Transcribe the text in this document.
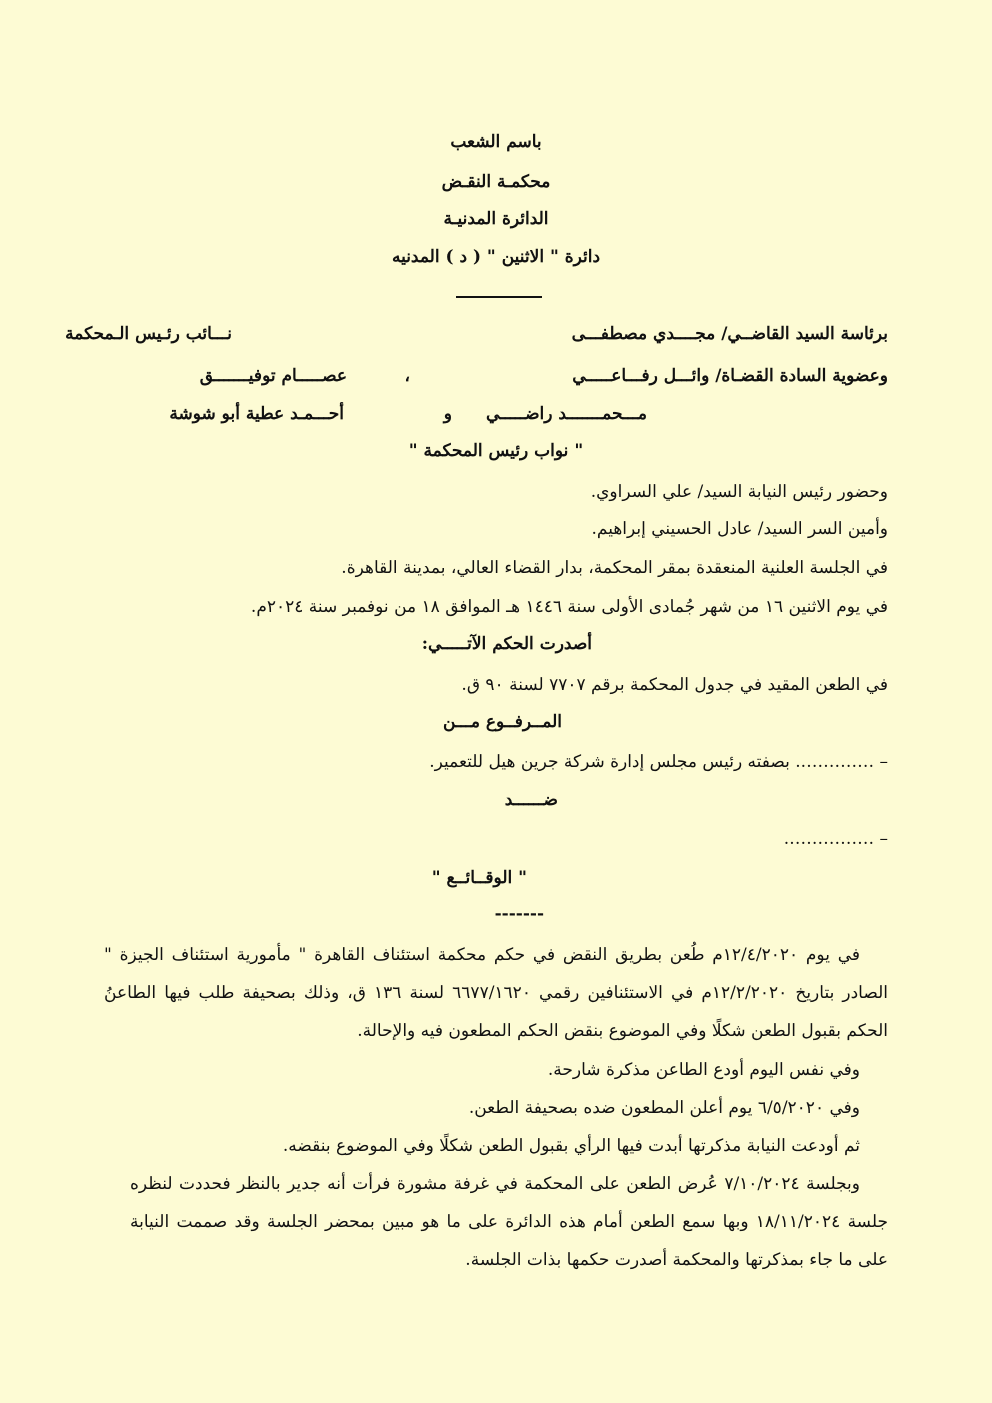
باسم الشعب
محكمـة النقـض
الدائرة المدنيـة
دائرة " الاثنين " ( د ) المدنيه
برئاسة السيد القاضــي/ مجــــدي مصطفـــى
نـــائب رئـيس الـمحكمة
وعضوية السادة القضـاة/ وائـــل رفـــاعـــــي
،
عصـــــام توفيـــــــق
مـــحمـــــــد راضـــــي
و
أحـــمـد عطية أبو شوشة
" نواب رئيس المحكمة "
وحضور رئيس النيابة السيد/ علي السراوي.
وأمين السر السيد/ عادل الحسيني إبراهيم.
في الجلسة العلنية المنعقدة بمقر المحكمة، بدار القضاء العالي، بمدينة القاهرة.
في يوم الاثنين ١٦ من شهر جُمادى الأولى سنة ١٤٤٦ هـ الموافق ١٨ من نوفمبر سنة ٢٠٢٤م.
أصدرت الحكم الآتـــــي:
في الطعن المقيد في جدول المحكمة برقم ٧٧٠٧ لسنة ٩٠ ق.
المــرفــوع مـــن
– ………….. بصفته رئيس مجلس إدارة شركة جرين هيل للتعمير.
ضــــــد
– …………….
" الوقــائــع "
-------
في يوم ١٢/٤/٢٠٢٠م طُعن بطريق النقض في حكم محكمة استئناف القاهرة " مأمورية استئناف الجيزة " الصادر بتاريخ ١٢/٢/٢٠٢٠م في الاستئنافين رقمي ٦٦٧٧/١٦٢٠ لسنة ١٣٦ ق، وذلك بصحيفة طلب فيها الطاعنُ الحكم بقبول الطعن شكلًا وفي الموضوع بنقض الحكم المطعون فيه والإحالة.
وفي نفس اليوم أودع الطاعن مذكرة شارحة.
وفي ٦/٥/٢٠٢٠ يوم أعلن المطعون ضده بصحيفة الطعن.
ثم أودعت النيابة مذكرتها أبدت فيها الرأي بقبول الطعن شكلًا وفي الموضوع بنقضه.
وبجلسة ٧/١٠/٢٠٢٤ عُرض الطعن على المحكمة في غرفة مشورة فرأت أنه جدير بالنظر فحددت لنظره جلسة ١٨/١١/٢٠٢٤ وبها سمع الطعن أمام هذه الدائرة على ما هو مبين بمحضر الجلسة وقد صممت النيابة على ما جاء بمذكرتها والمحكمة أصدرت حكمها بذات الجلسة.
